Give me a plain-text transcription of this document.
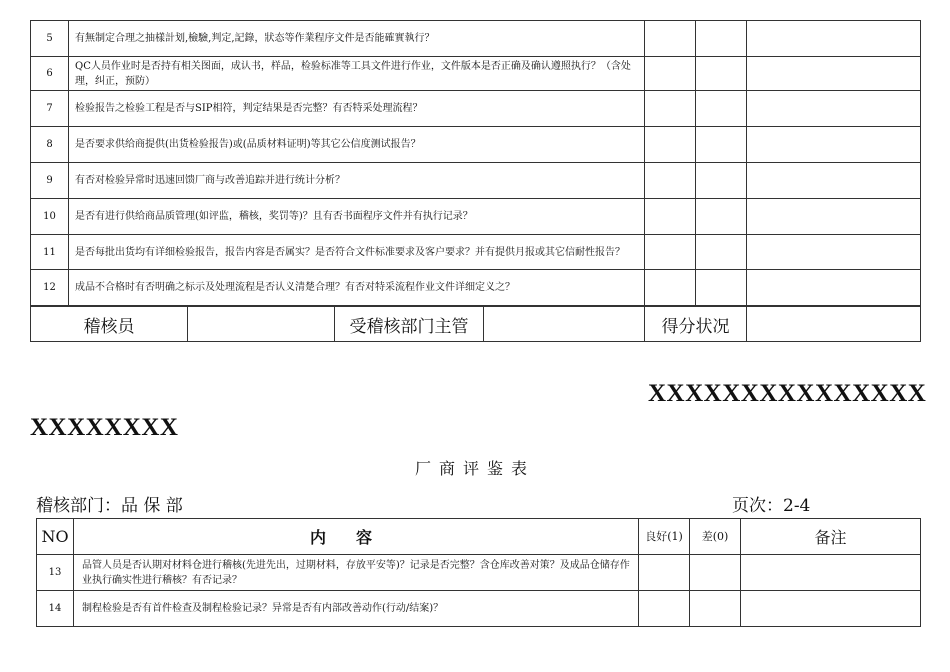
5	有無制定合理之抽樣計划,檢驗,判定,記錄，狀态等作業程序文件是否能確實執行？			
6	QC人员作业时是否持有相关图面，成认书，样品，检验标准等工具文件进行作业，文件版本是否正确及确认遵照执行？（含处理，纠正，预防）			
7	检验报告之检验工程是否与SIP相符，判定结果是否完整？有否特采处理流程？			
8	是否要求供给商提供(出货检验报告)或(品质材料证明)等其它公信度测试报告？			
9	有否对检验异常时迅速回馈厂商与改善追踪并进行统计分析？			
10	是否有进行供给商品质管理(如评监，稽核，奖罚等)？且有否书面程序文件并有执行记录？			
11	是否每批出货均有详细检验报告，报告内容是否属实？是否符合文件标准要求及客户要求？并有提供月报或其它信耐性报告？			
12	成品不合格时有否明确之标示及处理流程是否认义清楚合理？有否对特采流程作业文件详细定义之？			
稽核员		受稽核部门主管		得分状况	
XXXXXXXXXXXXXXX
XXXXXXXX
厂商评鉴表
稽核部门：品 保 部	页次：2-4
NO	内容	良好(1)	差(0)	备注
13	品管人员是否认期对材料仓进行稽核(先进先出，过期材料，存放平安等)？记录是否完整？含仓库改善对策？及成品仓储存作业执行确实性进行稽核？有否记录？			
14	制程检验是否有首件检查及制程检验记录？异常是否有内部改善动作(行动/结案)？			
